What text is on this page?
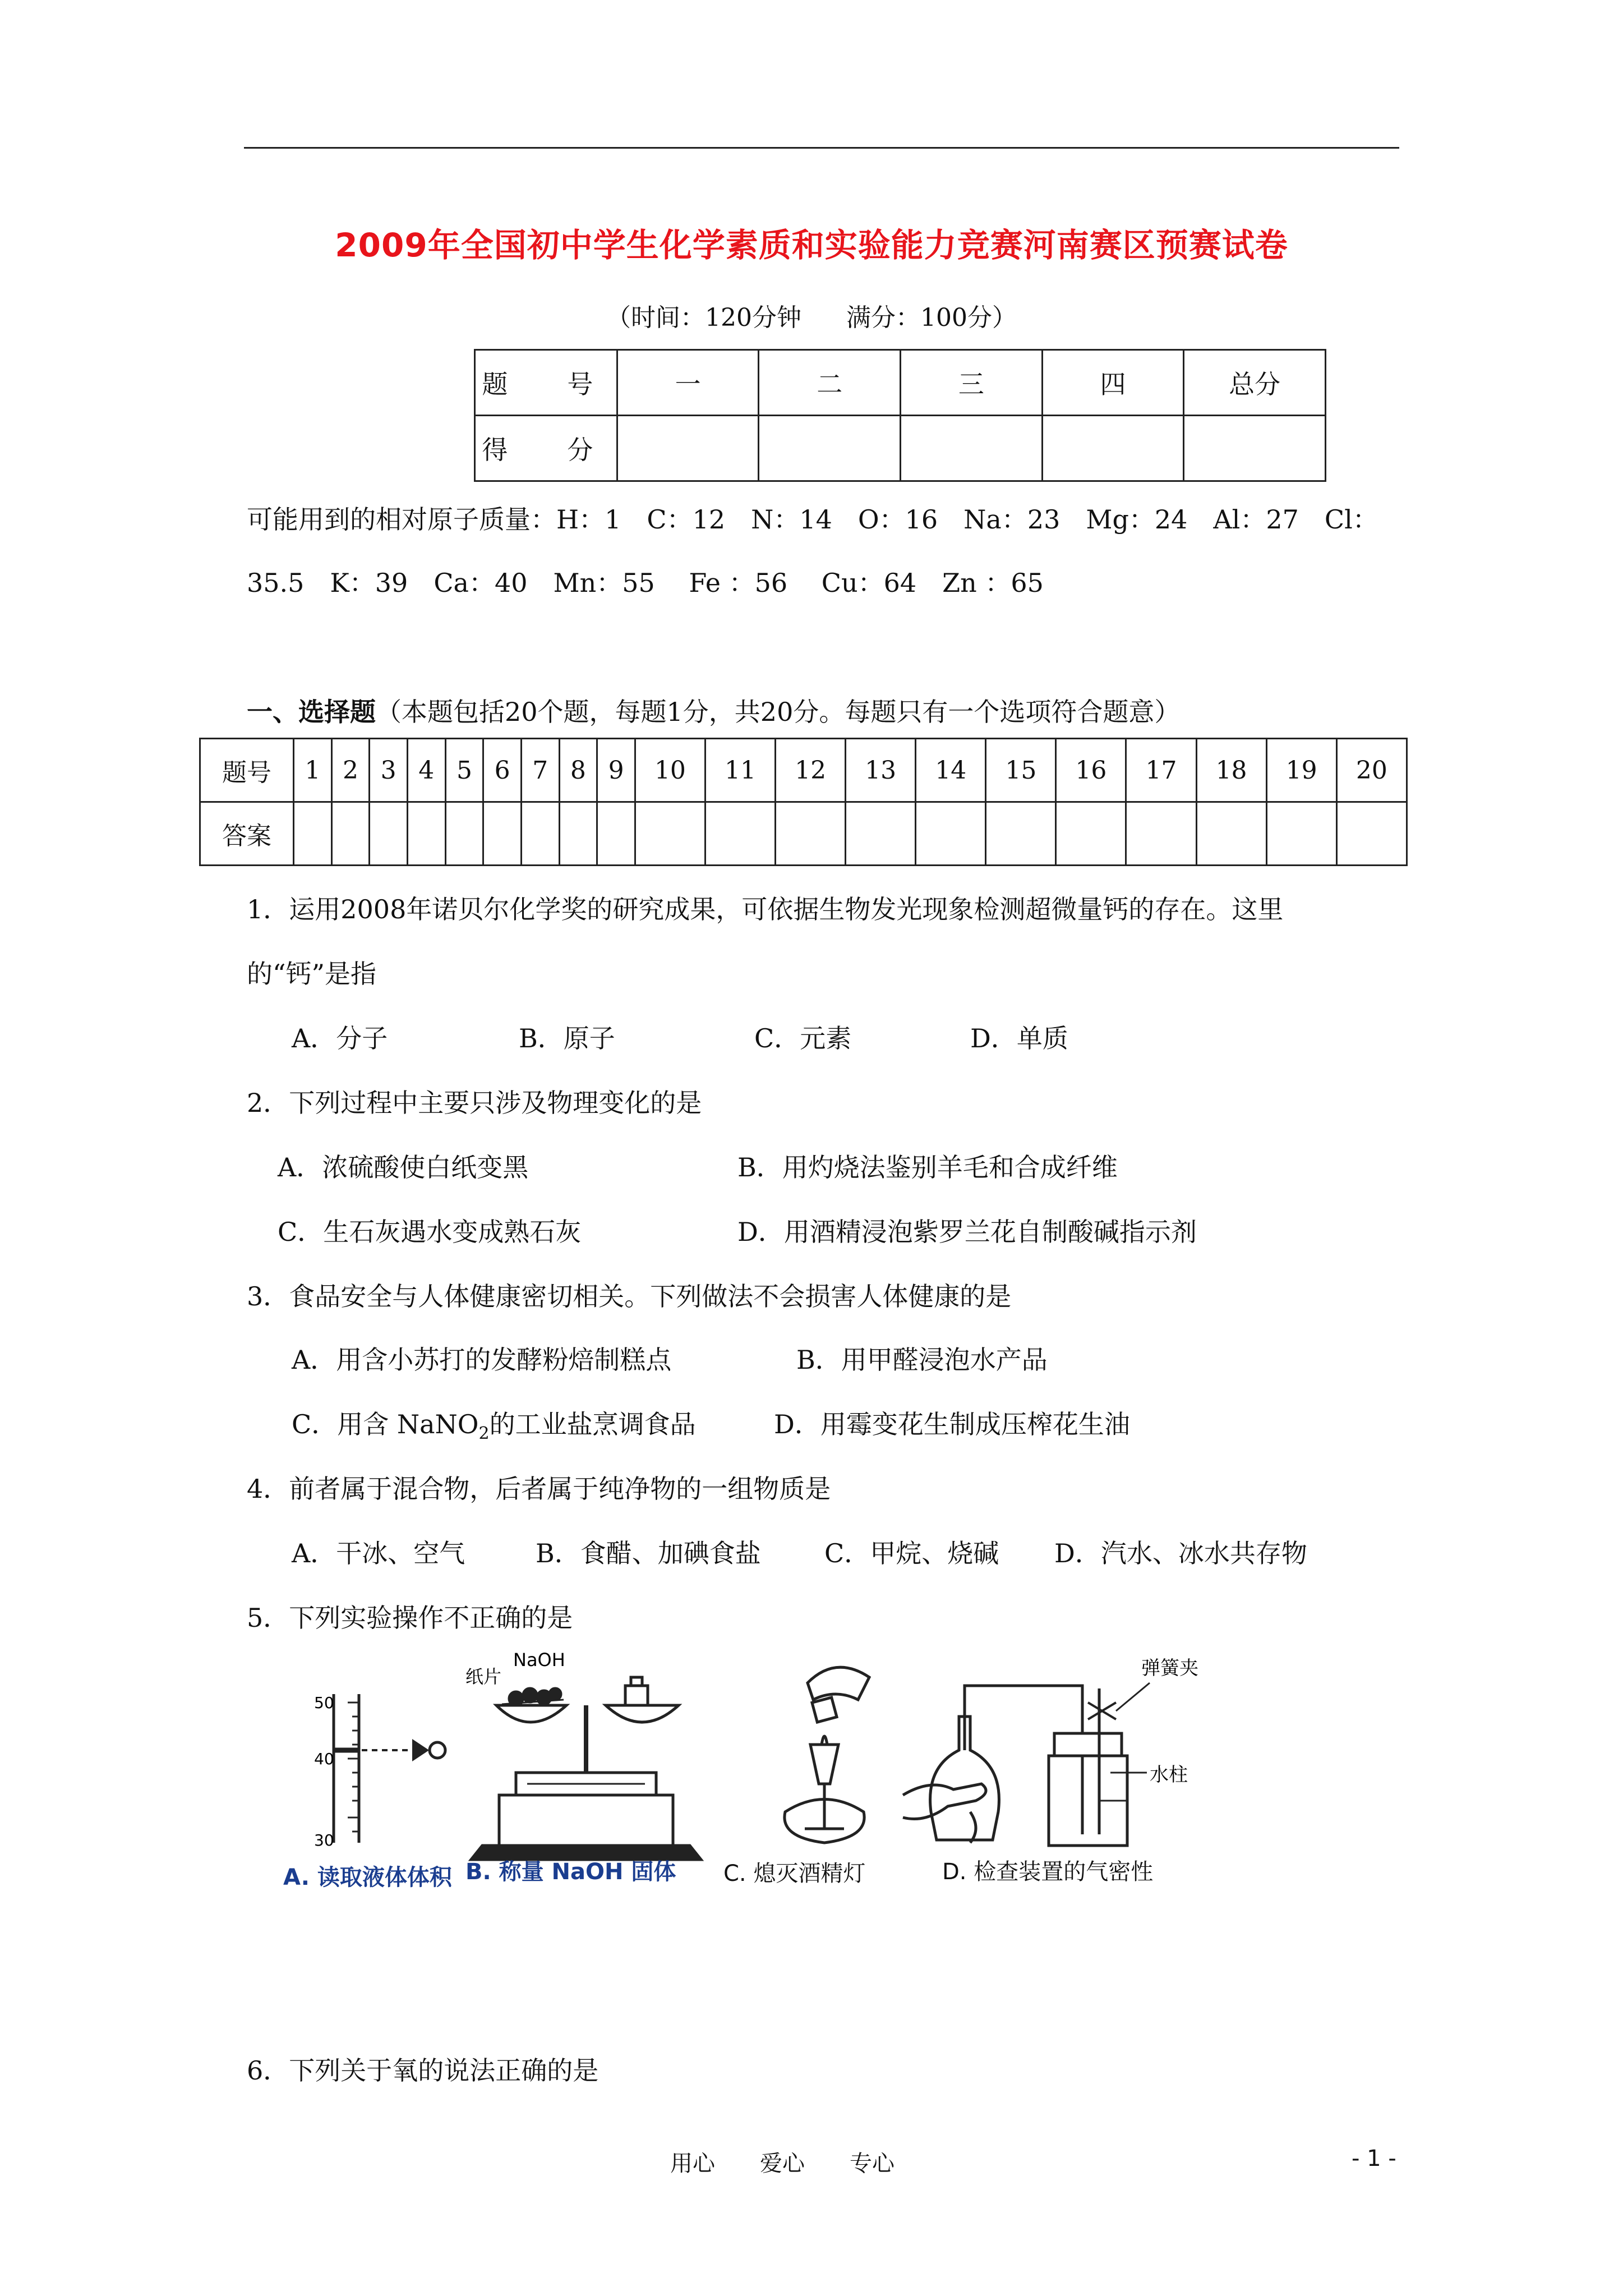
2009年全国初中学生化学素质和实验能力竞赛河南赛区预赛试卷
（时间：120分钟 满分：100分）
题　号	一	二	三	四	总分
得　分					
可能用到的相对原子质量：H：1　C：12　N：14　O：16　Na：23　Mg：24　Al：27　Cl：
35.5　K：39　Ca：40　Mn：55　 Fe ：56　 Cu：64　Zn ：65
一、选择题（本题包括20个题，每题1分，共20分。每题只有一个选项符合题意）
题号	1	2	3	4	5	6	7	8	9	10	11	12	13	14	15	16	17	18	19	20
答案																				
1．运用2008年诺贝尔化学奖的研究成果，可依据生物发光现象检测超微量钙的存在。这里
的“钙”是指
A．分子	B．原子	C．元素	D．单质
2．下列过程中主要只涉及物理变化的是
A．浓硫酸使白纸变黑	B．用灼烧法鉴别羊毛和合成纤维
C．生石灰遇水变成熟石灰	D．用酒精浸泡紫罗兰花自制酸碱指示剂
3．食品安全与人体健康密切相关。下列做法不会损害人体健康的是
A．用含小苏打的发酵粉焙制糕点	B．用甲醛浸泡水产品
C．用含 NaNO$_2$的工业盐烹调食品	D．用霉变花生制成压榨花生油
4．前者属于混合物，后者属于纯净物的一组物质是
A．干冰、空气	B．食醋、加碘食盐 C．甲烷、烧碱 D．汽水、冰水共存物
5．下列实验操作不正确的是
50
40
30
纸片
NaOH	弹簧夹
水柱
A. 读取液体体积 B. 称量 NaOH 固体 C. 熄灭酒精灯	D. 检查装置的气密性
6．下列关于氧的说法正确的是
用心　　爱心　　专心	- 1 -
